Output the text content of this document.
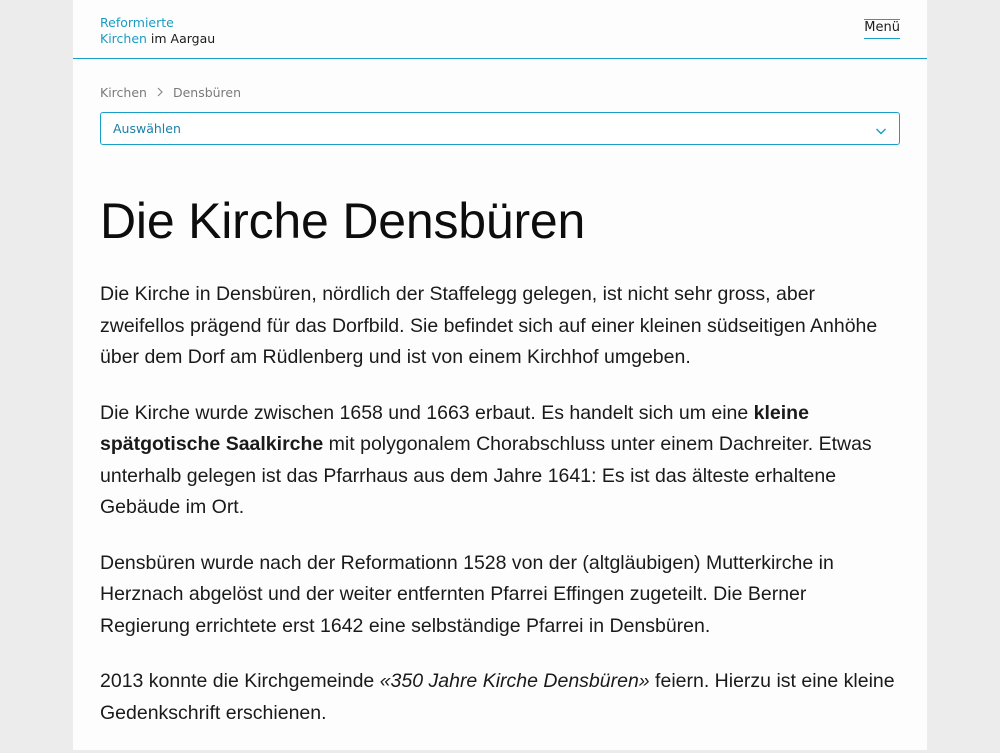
Reformierte
Kirchen im Aargau
Menü
Kirchen Densbüren
Auswählen
Die Kirche Densbüren

Die Kirche in Densbüren, nördlich der Staffelegg gelegen, ist nicht sehr gross, aber zweifellos prägend für das Dorfbild. Sie befindet sich auf einer kleinen südseitigen Anhöhe über dem Dorf am Rüdlenberg und ist von einem Kirchhof umgeben.

Die Kirche wurde zwischen 1658 und 1663 erbaut. Es handelt sich um eine kleine spätgotische Saalkirche mit polygonalem Chorabschluss unter einem Dachreiter. Etwas unterhalb gelegen ist das Pfarrhaus aus dem Jahre 1641: Es ist das älteste erhaltene Gebäude im Ort.

Densbüren wurde nach der Reformationn 1528 von der (altgläubigen) Mutterkirche in Herznach abgelöst und der weiter entfernten Pfarrei Effingen zugeteilt. Die Berner Regierung errichtete erst 1642 eine selbständige Pfarrei in Densbüren.

2013 konnte die Kirchgemeinde «350 Jahre Kirche Densbüren» feiern. Hierzu ist eine kleine Gedenkschrift erschienen.
